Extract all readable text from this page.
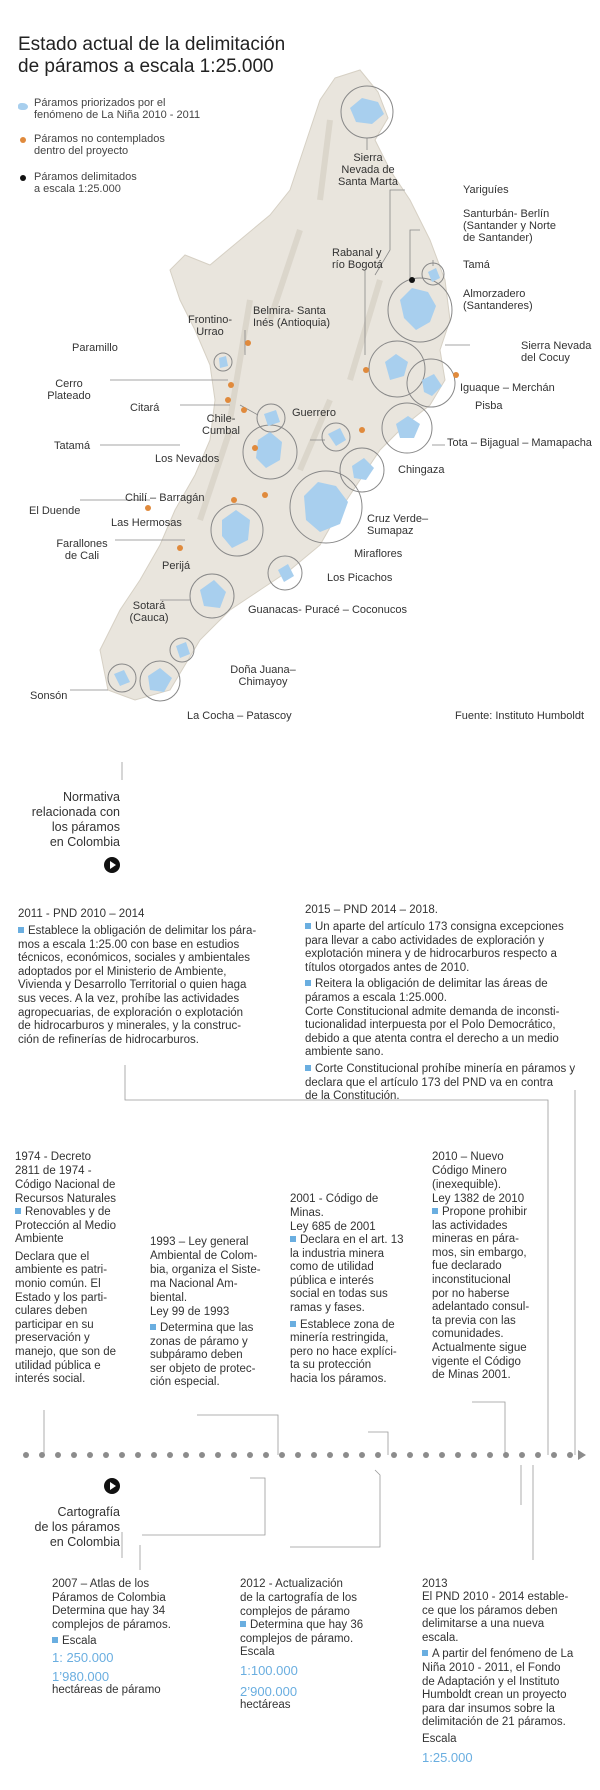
Estado actual de la delimitación
de páramos a escala 1:25.000
Páramos priorizados por el
fenómeno de La Niña 2010 - 2011
Páramos no contemplados
dentro del proyecto
Páramos delimitados
a escala 1:25.000
Sierra
Nevada de
Santa Marta
Yariguíes
Santurbán- Berlín
(Santander y Norte
de Santander)
Rabanal y
río Bogotá	Tamá
Almorzadero
(Santanderes)
Frontino-
Urrao
Belmira- Santa
Inés (Antioquia)
Paramillo	Sierra Nevada
del Cocuy
Cerro
Plateado
Iguaque – Merchán
Citará	Pisba
Chile-
Cumbal
Guerrero
Tota – Bijagual – Mamapacha
Tatamá
Los Nevados
Chingaza
Chilí – Barragán
El Duende
Las Hermosas	Cruz Verde–
Sumapaz
Farallones
de Cali	Miraflores
Perijá
Los Picachos
Sotará
(Cauca)
Guanacas- Puracé – Coconucos
Doña Juana–
Chimayoy
Sonsón
La Cocha – Patascoy	Fuente: Instituto Humboldt
Normativa
relacionada con
los páramos
en Colombia
2011 - PND 2010 – 2014
Establece la obligación de delimitar los pára-
mos a escala 1:25.00 con base en estudios
técnicos, económicos, sociales y ambientales
adoptados por el Ministerio de Ambiente,
Vivienda y Desarrollo Territorial o quien haga
sus veces. A la vez, prohíbe las actividades
agropecuarias, de exploración o explotación
de hidrocarburos y minerales, y la construc-
ción de refinerías de hidrocarburos.
2015 – PND 2014 – 2018.
Un aparte del artículo 173 consigna excepciones
para llevar a cabo actividades de exploración y
explotación minera y de hidrocarburos respecto a
títulos otorgados antes de 2010.
Reitera la obligación de delimitar las áreas de
páramos a escala 1:25.000.
Corte Constitucional admite demanda de inconsti-
tucionalidad interpuesta por el Polo Democrático,
debido a que atenta contra el derecho a un medio
ambiente sano.
Corte Constitucional prohíbe minería en páramos y
declara que el artículo 173 del PND va en contra
de la Constitución.
1974 - Decreto
2811 de 1974 -
Código Nacional de
Recursos Naturales
Renovables y de
Protección al Medio
Ambiente
Declara que el
ambiente es patri-
monio común. El
Estado y los parti-
culares deben
participar en su
preservación y
manejo, que son de
utilidad pública e
interés social.
1993 – Ley general
Ambiental de Colom-
bia, organiza el Siste-
ma Nacional Am-
biental.
Ley 99 de 1993
Determina que las
zonas de páramo y
subpáramo deben
ser objeto de protec-
ción especial.
2001 - Código de
Minas.
Ley 685 de 2001
Declara en el art. 13
la industria minera
como de utilidad
pública e interés
social en todas sus
ramas y fases.
Establece zona de
minería restringida,
pero no hace explíci-
ta su protección
hacia los páramos.
2010 – Nuevo
Código Minero
(inexequible).
Ley 1382 de 2010
Propone prohibir
las actividades
mineras en pára-
mos, sin embargo,
fue declarado
inconstitucional
por no haberse
adelantado consul-
ta previa con las
comunidades.
Actualmente sigue
vigente el Código
de Minas 2001.
Cartografía
de los páramos
en Colombia
2007 – Atlas de los
Páramos de Colombia
Determina que hay 34
complejos de páramos.
Escala
1: 250.000
1’980.000
hectáreas de páramo
2012 - Actualización
de la cartografía de los
complejos de páramo
Determina que hay 36
complejos de páramo.
Escala
1:100.000
2’900.000
hectáreas
2013
El PND 2010 - 2014 estable-
ce que los páramos deben
delimitarse a una nueva
escala.
A partir del fenómeno de La
Niña 2010 - 2011, el Fondo
de Adaptación y el Instituto
Humboldt crean un proyecto
para dar insumos sobre la
delimitación de 21 páramos.
Escala
1:25.000
